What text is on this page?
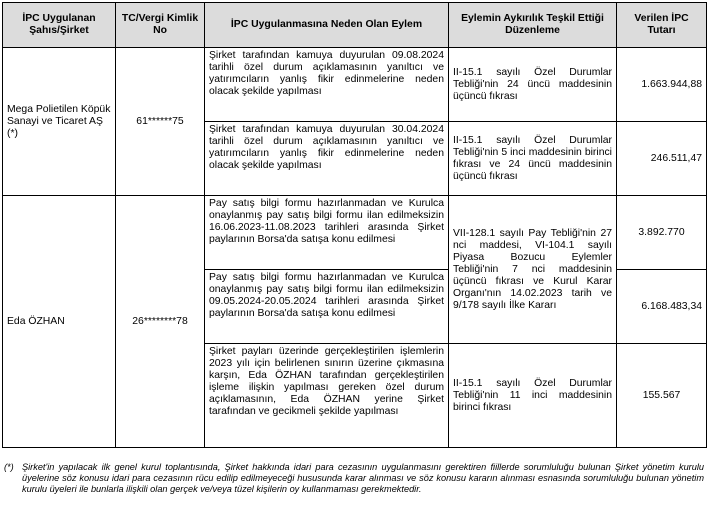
İPC Uygulanan Şahıs/Şirket	TC/Vergi Kimlik No	İPC Uygulanmasına Neden Olan Eylem	Eylemin Aykırılık Teşkil Ettiği Düzenleme	Verilen İPC Tutarı
Mega Polietilen Köpük Sanayi ve Ticaret AŞ (*)	61******75	Şirket tarafından kamuya duyurulan 09.08.2024 tarihli özel durum açıklamasının yanıltıcı ve yatırımcıların yanlış fikir edinmelerine neden olacak şekilde yapılması	II-15.1 sayılı Özel Durumlar Tebliği'nin 24 üncü maddesinin üçüncü fıkrası	1.663.944,88
		Şirket tarafından kamuya duyurulan 30.04.2024 tarihli özel durum açıklamasının yanıltıcı ve yatırımcıların yanlış fikir edinmelerine neden olacak şekilde yapılması	II-15.1 sayılı Özel Durumlar Tebliği'nin 5 inci maddesinin birinci fıkrası ve 24 üncü maddesinin üçüncü fıkrası	246.511,47
Eda ÖZHAN	26********78	Pay satış bilgi formu hazırlanmadan ve Kurulca onaylanmış pay satış bilgi formu ilan edilmeksizin 16.06.2023-11.08.2023 tarihleri arasında Şirket paylarının Borsa'da satışa konu edilmesi	VII-128.1 sayılı Pay Tebliği'nin 27 nci maddesi, VI-104.1 sayılı Piyasa Bozucu Eylemler Tebliği'nin 7 nci maddesinin üçüncü fıkrası ve Kurul Karar Organı'nın 14.02.2023 tarih ve 9/178 sayılı İlke Kararı	3.892.770
		Pay satış bilgi formu hazırlanmadan ve Kurulca onaylanmış pay satış bilgi formu ilan edilmeksizin 09.05.2024-20.05.2024 tarihleri arasında Şirket paylarının Borsa'da satışa konu edilmesi		6.168.483,34
		Şirket payları üzerinde gerçekleştirilen işlemlerin 2023 yılı için belirlenen sınırın üzerine çıkmasına karşın, Eda ÖZHAN tarafından gerçekleştirilen işleme ilişkin yapılması gereken özel durum açıklamasının, Eda ÖZHAN yerine Şirket tarafından ve gecikmeli şekilde yapılması	II-15.1 sayılı Özel Durumlar Tebliği'nin 11 inci maddesinin birinci fıkrası	155.567
(*) Şirket'in yapılacak ilk genel kurul toplantısında, Şirket hakkında idari para cezasının uygulanmasını gerektiren fiillerde sorumluluğu bulunan Şirket yönetim kurulu üyelerine söz konusu idari para cezasının rücu edilip edilmeyeceği hususunda karar alınması ve söz konusu kararın alınması esnasında sorumluluğu bulunan yönetim kurulu üyeleri ile bunlarla ilişkili olan gerçek ve/veya tüzel kişilerin oy kullanmaması gerekmektedir.
